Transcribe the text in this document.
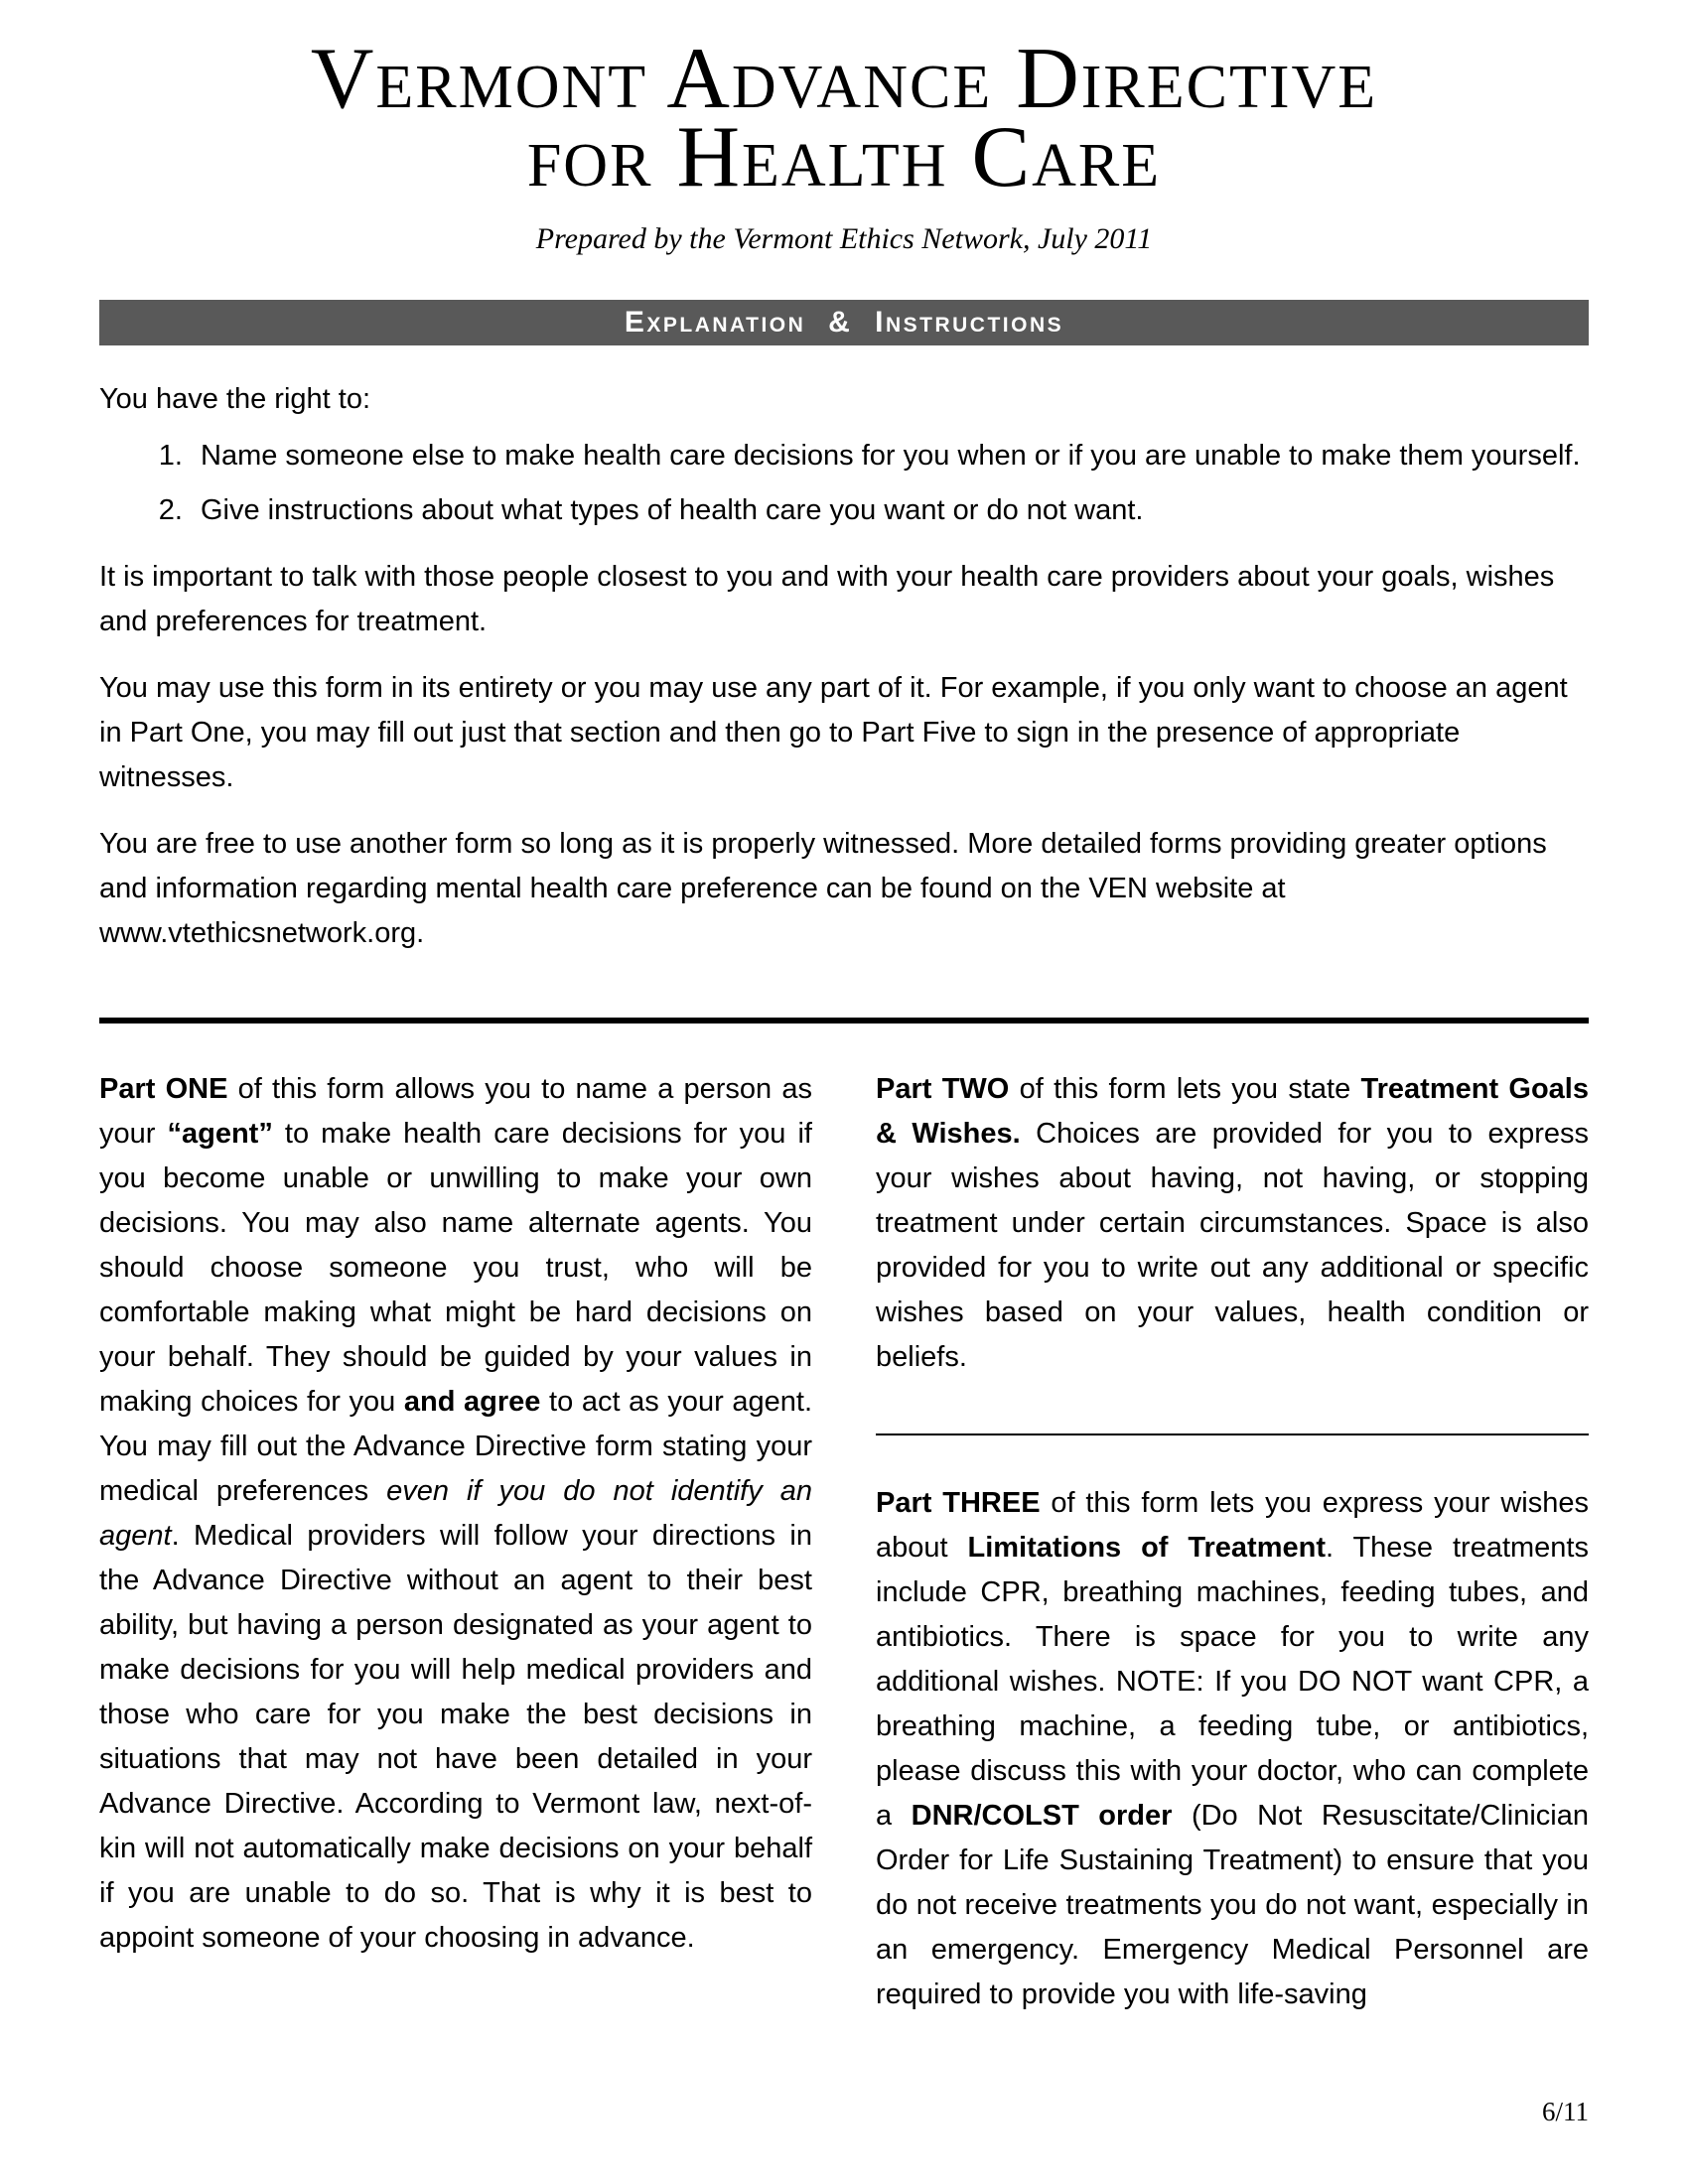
Vermont Advance Directive
for Health Care
Prepared by the Vermont Ethics Network, July 2011
Explanation & Instructions
You have the right to:
1. Name someone else to make health care decisions for you when or if you are unable to make them yourself.
2. Give instructions about what types of health care you want or do not want.

It is important to talk with those people closest to you and with your health care providers about your goals, wishes and preferences for treatment.

You may use this form in its entirety or you may use any part of it. For example, if you only want to choose an agent in Part One, you may fill out just that section and then go to Part Five to sign in the presence of appropriate witnesses.

You are free to use another form so long as it is properly witnessed. More detailed forms providing greater options and information regarding mental health care preference can be found on the VEN website at www.vtethicsnetwork.org.

Part ONE of this form allows you to name a person as your “agent” to make health care decisions for you if you become unable or unwilling to make your own decisions. You may also name alternate agents. You should choose someone you trust, who will be comfortable making what might be hard decisions on your behalf. They should be guided by your values in making choices for you and agree to act as your agent. You may fill out the Advance Directive form stating your medical preferences even if you do not identify an agent. Medical providers will follow your directions in the Advance Directive without an agent to their best ability, but having a person designated as your agent to make decisions for you will help medical providers and those who care for you make the best decisions in situations that may not have been detailed in your Advance Directive. According to Vermont law, next-of-kin will not automatically make decisions on your behalf if you are unable to do so. That is why it is best to appoint someone of your choosing in advance.

Part TWO of this form lets you state Treatment Goals & Wishes. Choices are provided for you to express your wishes about having, not having, or stopping treatment under certain circumstances. Space is also provided for you to write out any additional or specific wishes based on your values, health condition or beliefs.

Part THREE of this form lets you express your wishes about Limitations of Treatment. These treatments include CPR, breathing machines, feeding tubes, and antibiotics. There is space for you to write any additional wishes. NOTE: If you DO NOT want CPR, a breathing machine, a feeding tube, or antibiotics, please discuss this with your doctor, who can complete a DNR/COLST order (Do Not Resuscitate/Clinician Order for Life Sustaining Treatment) to ensure that you do not receive treatments you do not want, especially in an emergency. Emergency Medical Personnel are required to provide you with life-saving

6/11
